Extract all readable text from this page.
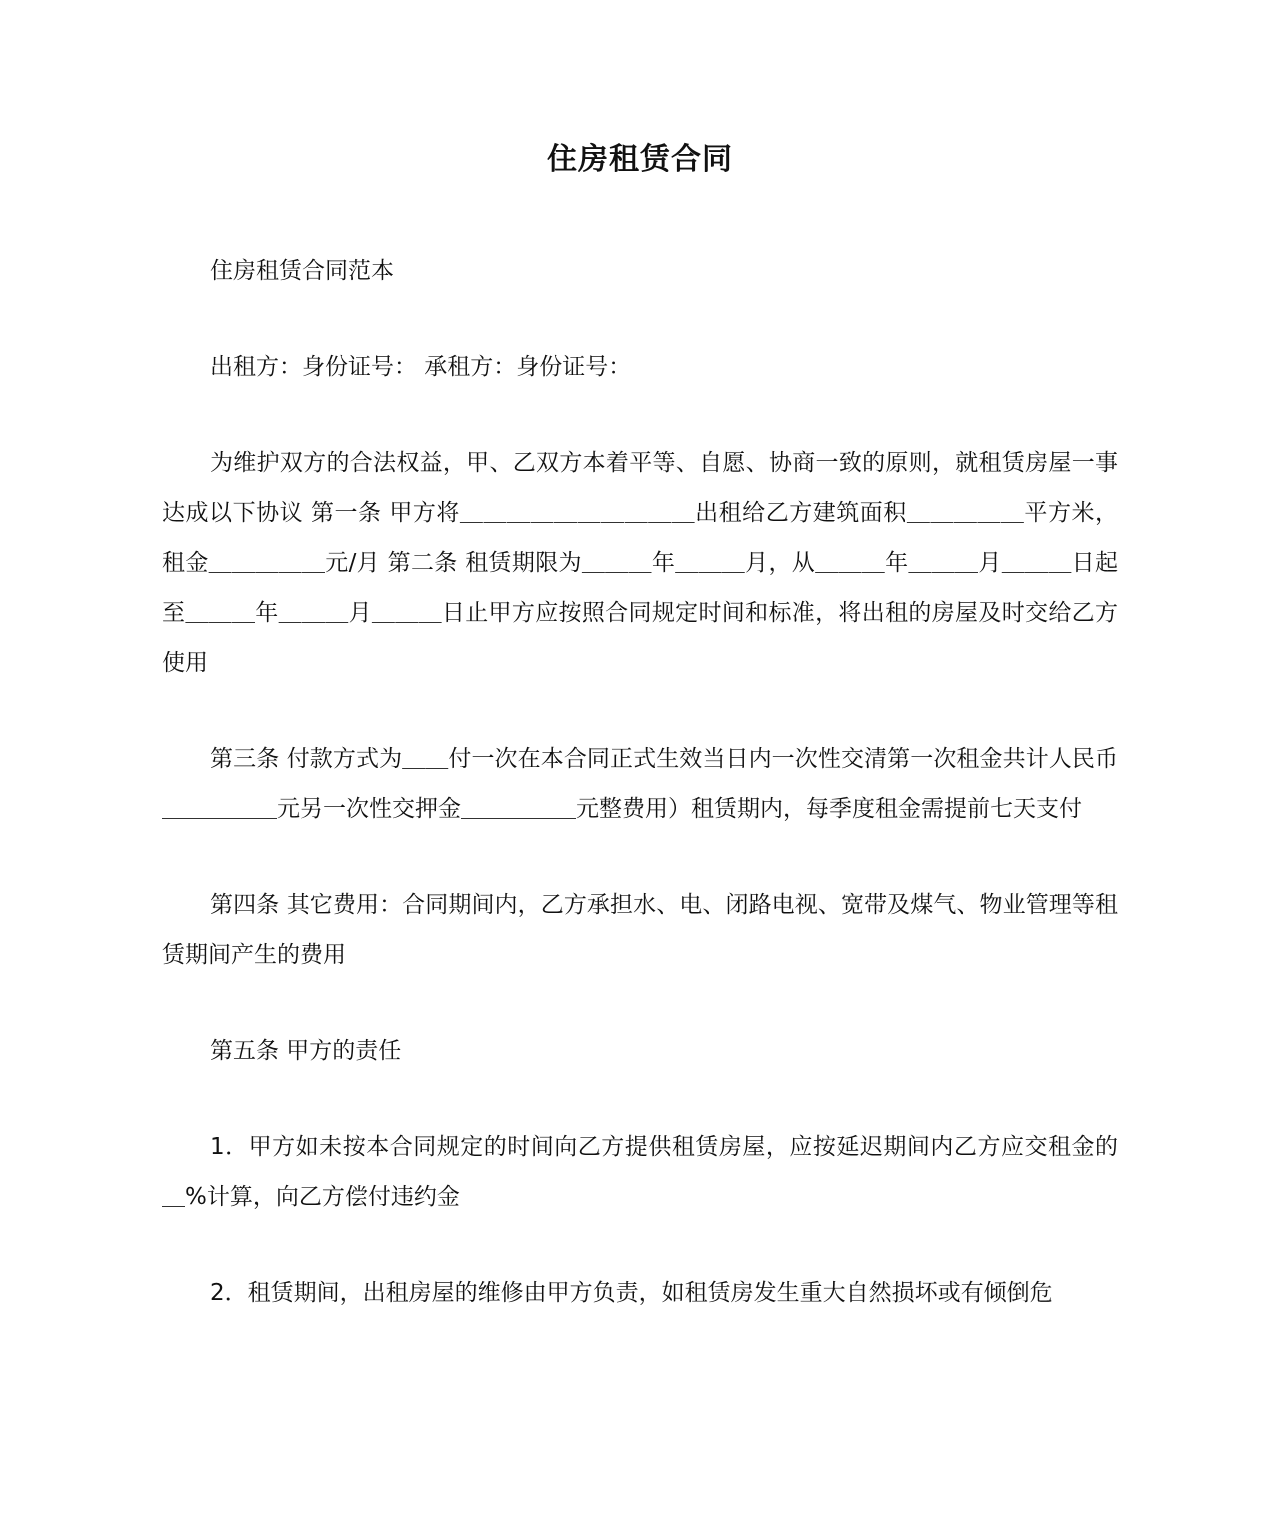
住房租赁合同

住房租赁合同范本

出租方：身份证号： 承租方：身份证号：

为维护双方的合法权益，甲、乙双方本着平等、自愿、协商一致的原则，就租赁房屋一事达成以下协议 第一条 甲方将＿＿＿＿＿＿＿＿＿＿出租给乙方建筑面积＿＿＿＿＿平方米，租金＿＿＿＿＿元/月 第二条 租赁期限为＿＿＿年＿＿＿月，从＿＿＿年＿＿＿月＿＿＿日起至＿＿＿年＿＿＿月＿＿＿日止甲方应按照合同规定时间和标准，将出租的房屋及时交给乙方使用

第三条 付款方式为＿＿付一次在本合同正式生效当日内一次性交清第一次租金共计人民币＿＿＿＿＿元另一次性交押金＿＿＿＿＿元整费用）租赁期内，每季度租金需提前七天支付

第四条 其它费用：合同期间内，乙方承担水、电、闭路电视、宽带及煤气、物业管理等租赁期间产生的费用

第五条 甲方的责任

1．甲方如未按本合同规定的时间向乙方提供租赁房屋，应按延迟期间内乙方应交租金的＿%计算，向乙方偿付违约金

2．租赁期间，出租房屋的维修由甲方负责，如租赁房发生重大自然损坏或有倾倒危
